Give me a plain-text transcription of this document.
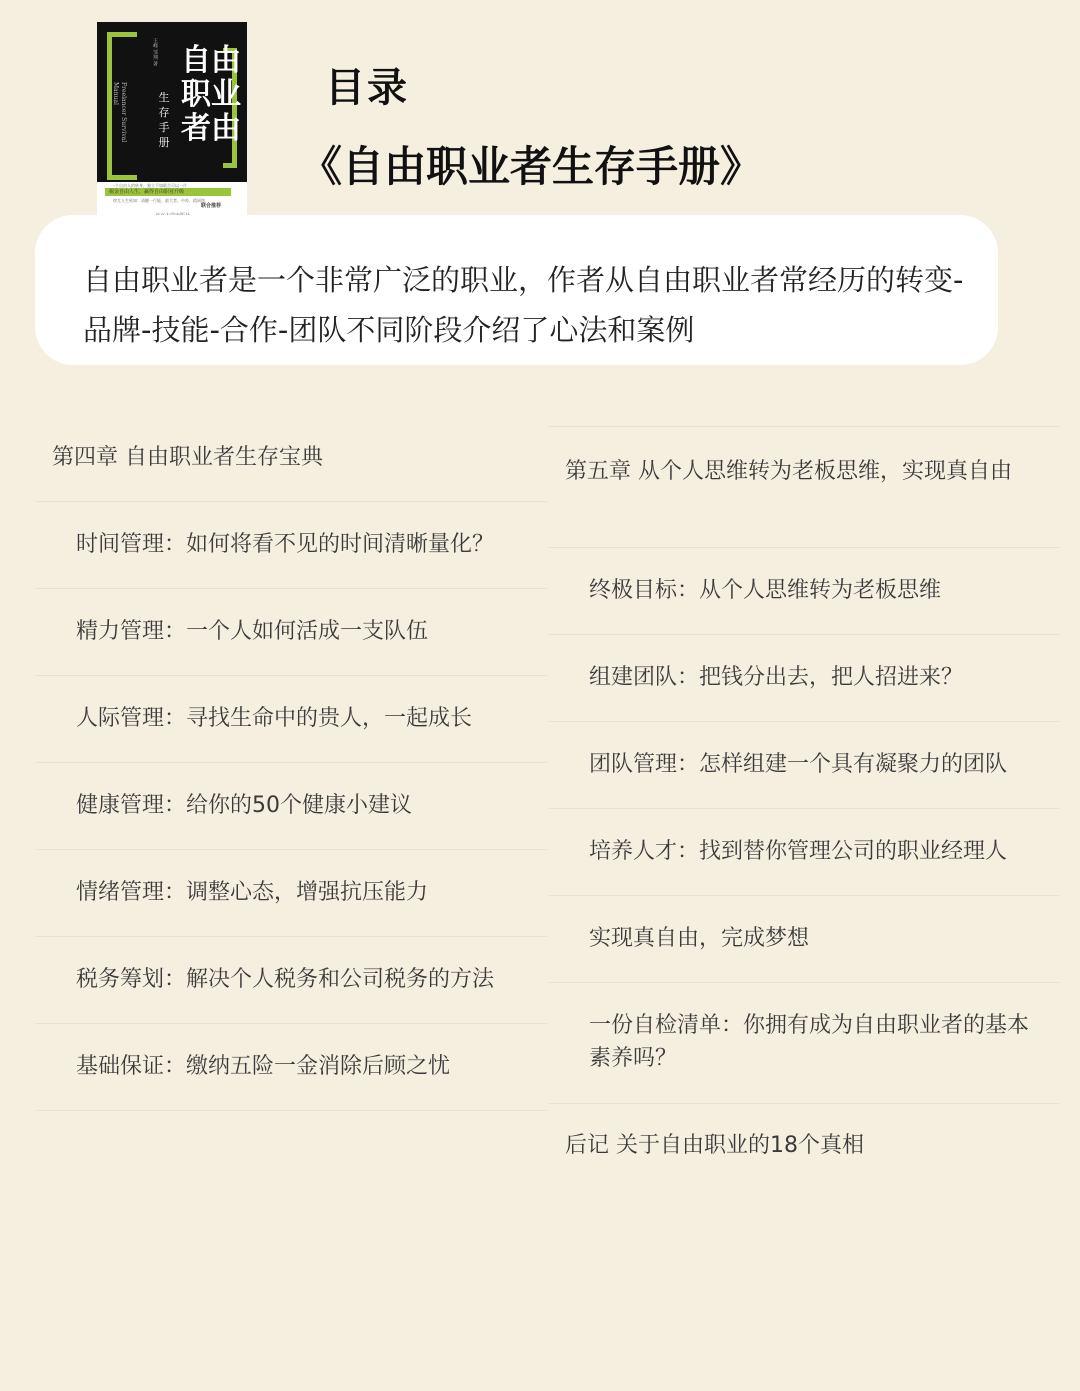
Freelancer Survival Manual
王峰 邹翔 著 自由
职业
者由
生存手册
一个自由人的转身，独立不如联合可以一片
掘金自由人生，赢得自由职业升级
徐尤人生致知：清醒一行能、最大者、中苏、精网络
联合推荐
目录
《自由职业者生存手册》
自由职业者是一个非常广泛的职业，作者从自由职业者常经历的转变-品牌-技能-合作-团队不同阶段介绍了心法和案例
第四章 自由职业者生存宝典
时间管理：如何将看不见的时间清晰量化？
精力管理：一个人如何活成一支队伍
人际管理：寻找生命中的贵人，一起成长
健康管理：给你的50个健康小建议
情绪管理：调整心态，增强抗压能力
税务筹划：解决个人税务和公司税务的方法
基础保证：缴纳五险一金消除后顾之忧
第五章 从个人思维转为老板思维，实现真自由
终极目标：从个人思维转为老板思维
组建团队：把钱分出去，把人招进来？
团队管理：怎样组建一个具有凝聚力的团队
培养人才：找到替你管理公司的职业经理人
实现真自由，完成梦想
一份自检清单：你拥有成为自由职业者的基本素养吗？
后记 关于自由职业的18个真相
